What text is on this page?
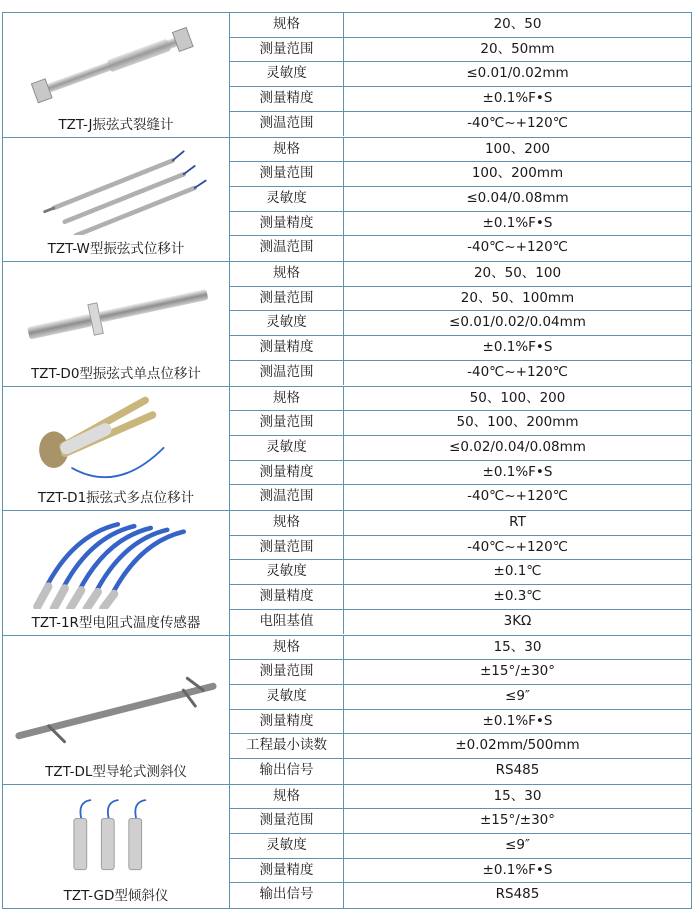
TZT-J振弦式裂缝计
规格	20、50
测量范围	20、50mm
灵敏度	≤0.01/0.02mm
测量精度	±0.1%F•S
测温范围	-40℃~+120℃
TZT-W型振弦式位移计
规格	100、200
测量范围	100、200mm
灵敏度	≤0.04/0.08mm
测量精度	±0.1%F•S
测温范围	-40℃~+120℃
TZT-D0型振弦式单点位移计
规格	20、50、100
测量范围	20、50、100mm
灵敏度	≤0.01/0.02/0.04mm
测量精度	±0.1%F•S
测温范围	-40℃~+120℃
TZT-D1振弦式多点位移计
规格	50、100、200
测量范围	50、100、200mm
灵敏度	≤0.02/0.04/0.08mm
测量精度	±0.1%F•S
测温范围	-40℃~+120℃
TZT-1R型电阻式温度传感器
规格	RT
测量范围	-40℃~+120℃
灵敏度	±0.1℃
测量精度	±0.3℃
电阻基值	3KΩ
TZT-DL型导轮式测斜仪
规格	15、30
测量范围	±15°/±30°
灵敏度	≤9″
测量精度	±0.1%F•S
工程最小读数	±0.02mm/500mm
输出信号	RS485
TZT-GD型倾斜仪
规格	15、30
测量范围	±15°/±30°
灵敏度	≤9″
测量精度	±0.1%F•S
输出信号	RS485
